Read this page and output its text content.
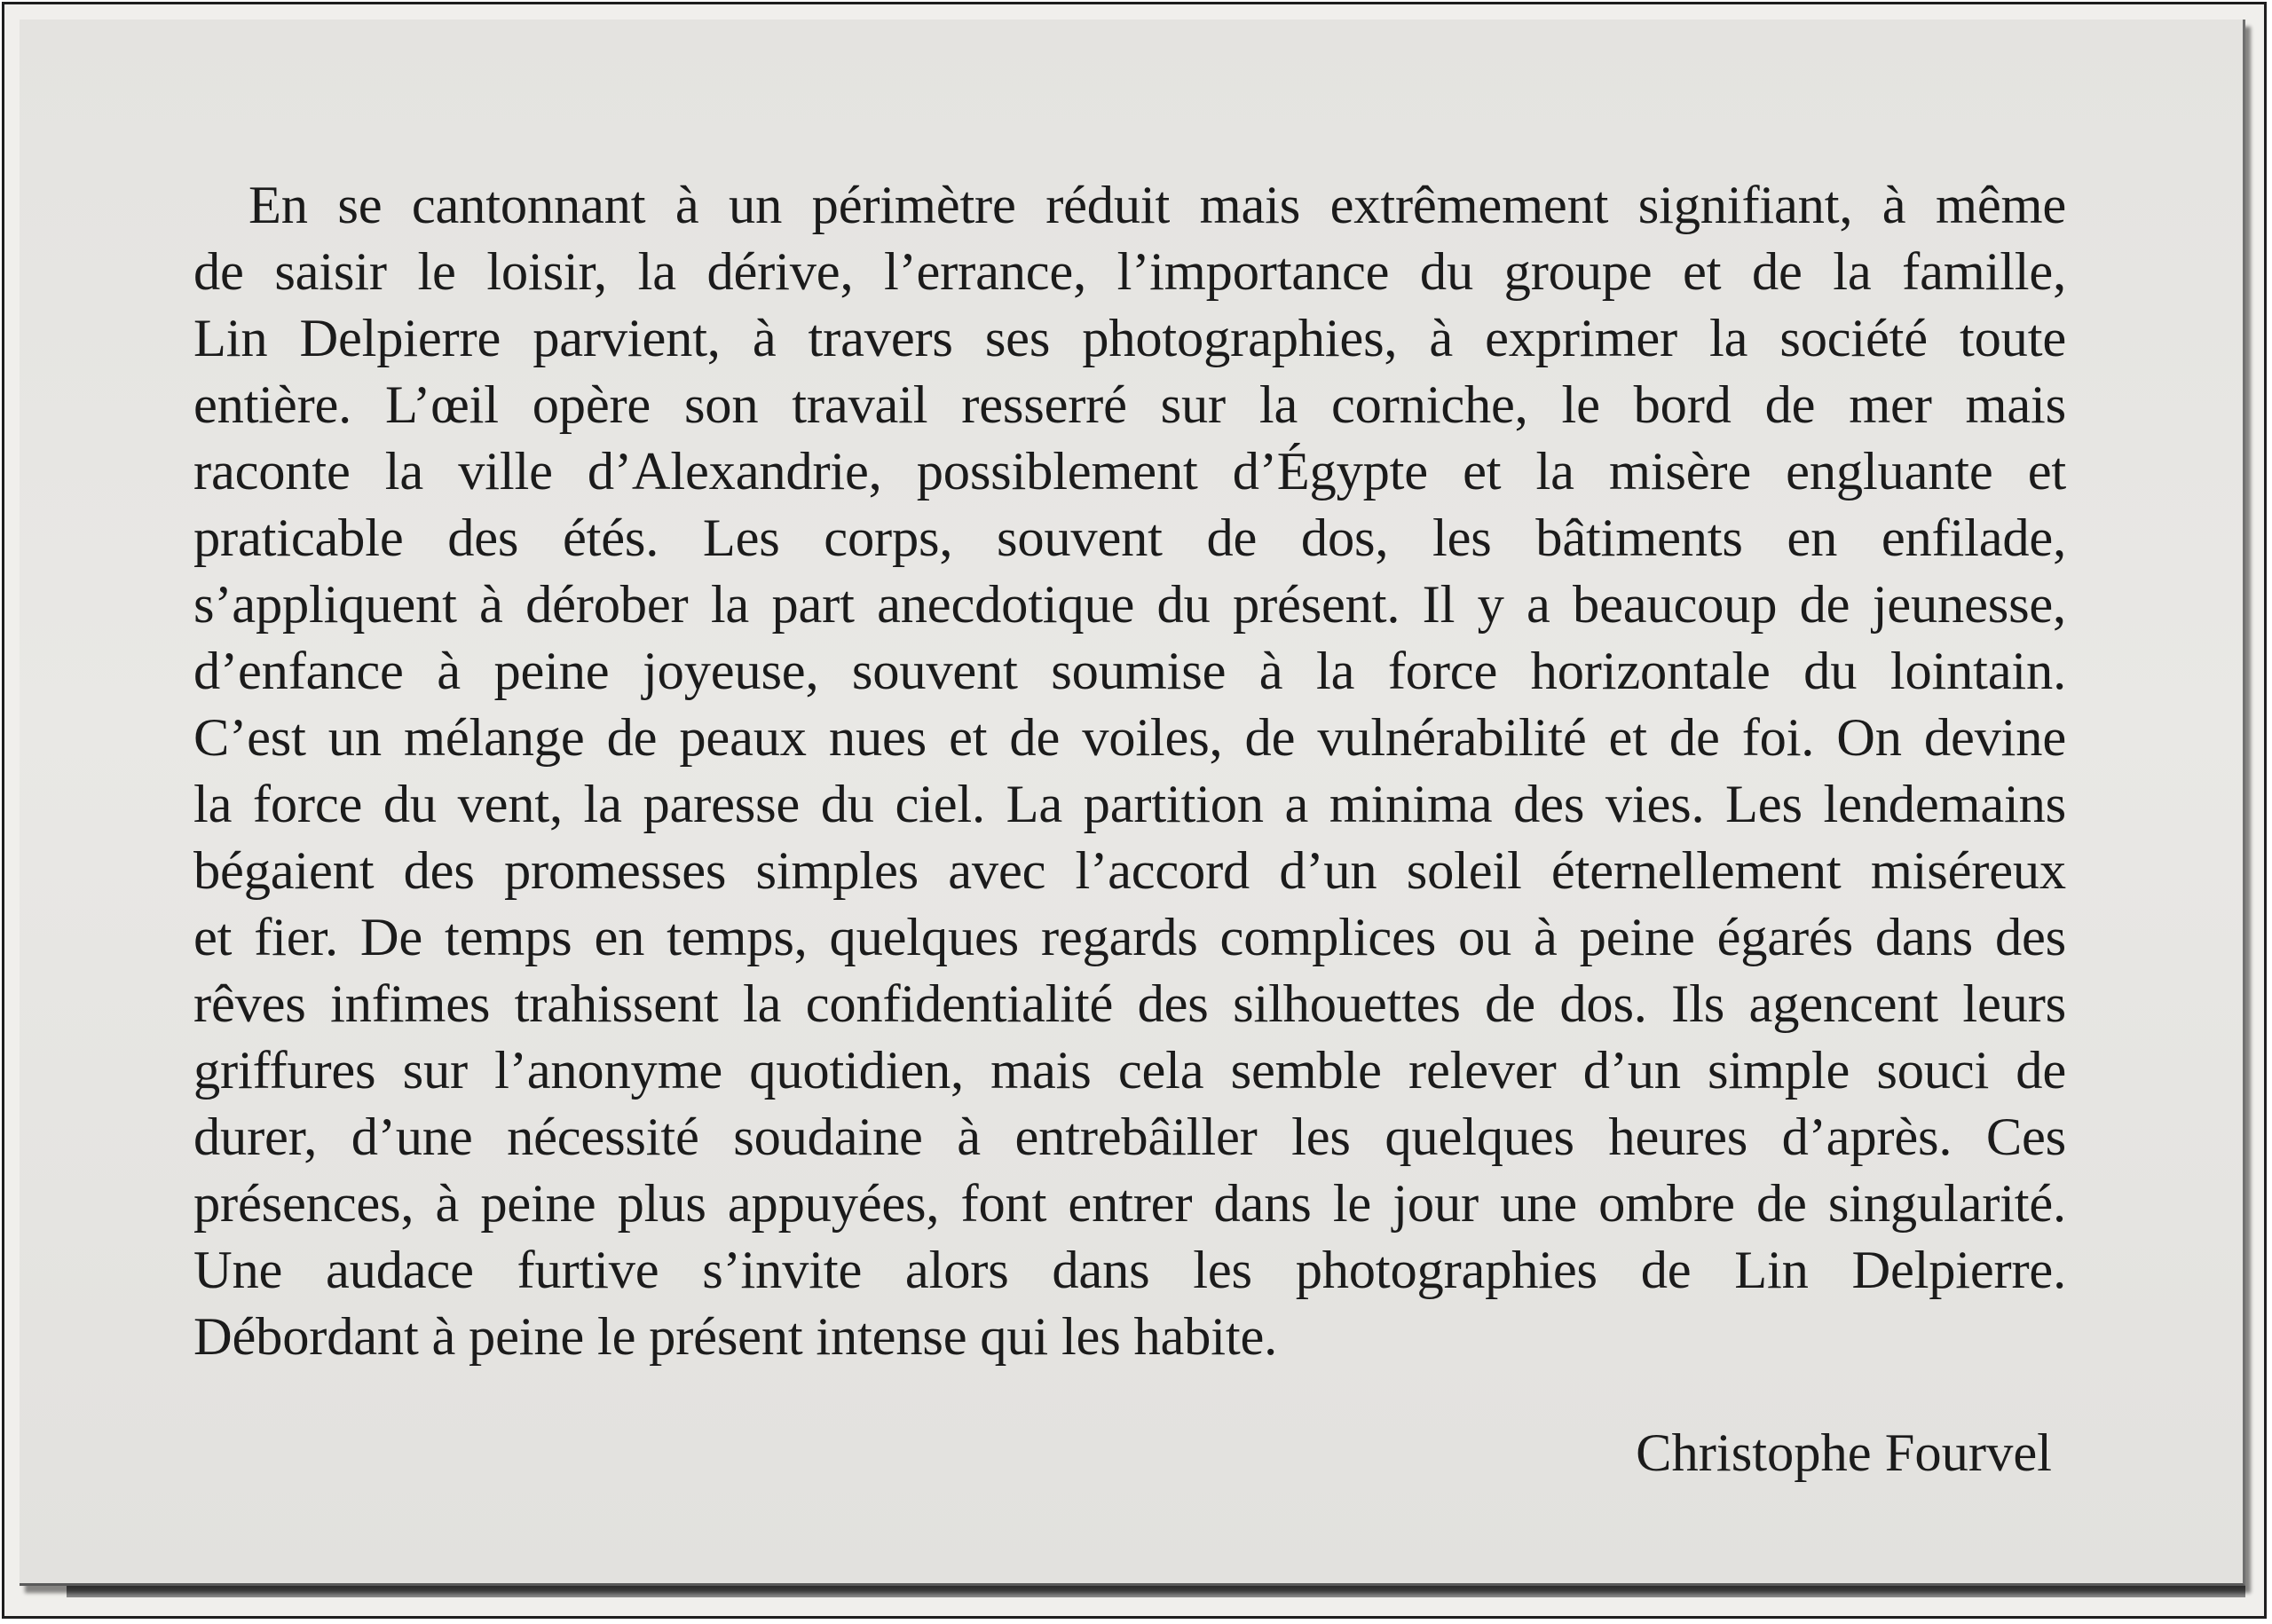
En se cantonnant à un périmètre réduit mais extrêmement signifiant, à même
de saisir le loisir, la dérive, l’errance, l’importance du groupe et de la famille,
Lin Delpierre parvient, à travers ses photographies, à exprimer la société toute
entière. L’œil opère son travail resserré sur la corniche, le bord de mer mais
raconte la ville d’Alexandrie, possiblement d’Égypte et la misère engluante et
praticable des étés. Les corps, souvent de dos, les bâtiments en enfilade,
s’appliquent à dérober la part anecdotique du présent. Il y a beaucoup de jeunesse,
d’enfance à peine joyeuse, souvent soumise à la force horizontale du lointain.
C’est un mélange de peaux nues et de voiles, de vulnérabilité et de foi. On devine
la force du vent, la paresse du ciel. La partition a minima des vies. Les lendemains
bégaient des promesses simples avec l’accord d’un soleil éternellement miséreux
et fier. De temps en temps, quelques regards complices ou à peine égarés dans des
rêves infimes trahissent la confidentialité des silhouettes de dos. Ils agencent leurs
griffures sur l’anonyme quotidien, mais cela semble relever d’un simple souci de
durer, d’une nécessité soudaine à entrebâiller les quelques heures d’après. Ces
présences, à peine plus appuyées, font entrer dans le jour une ombre de singularité.
Une audace furtive s’invite alors dans les photographies de Lin Delpierre.
Débordant à peine le présent intense qui les habite.
Christophe Fourvel
